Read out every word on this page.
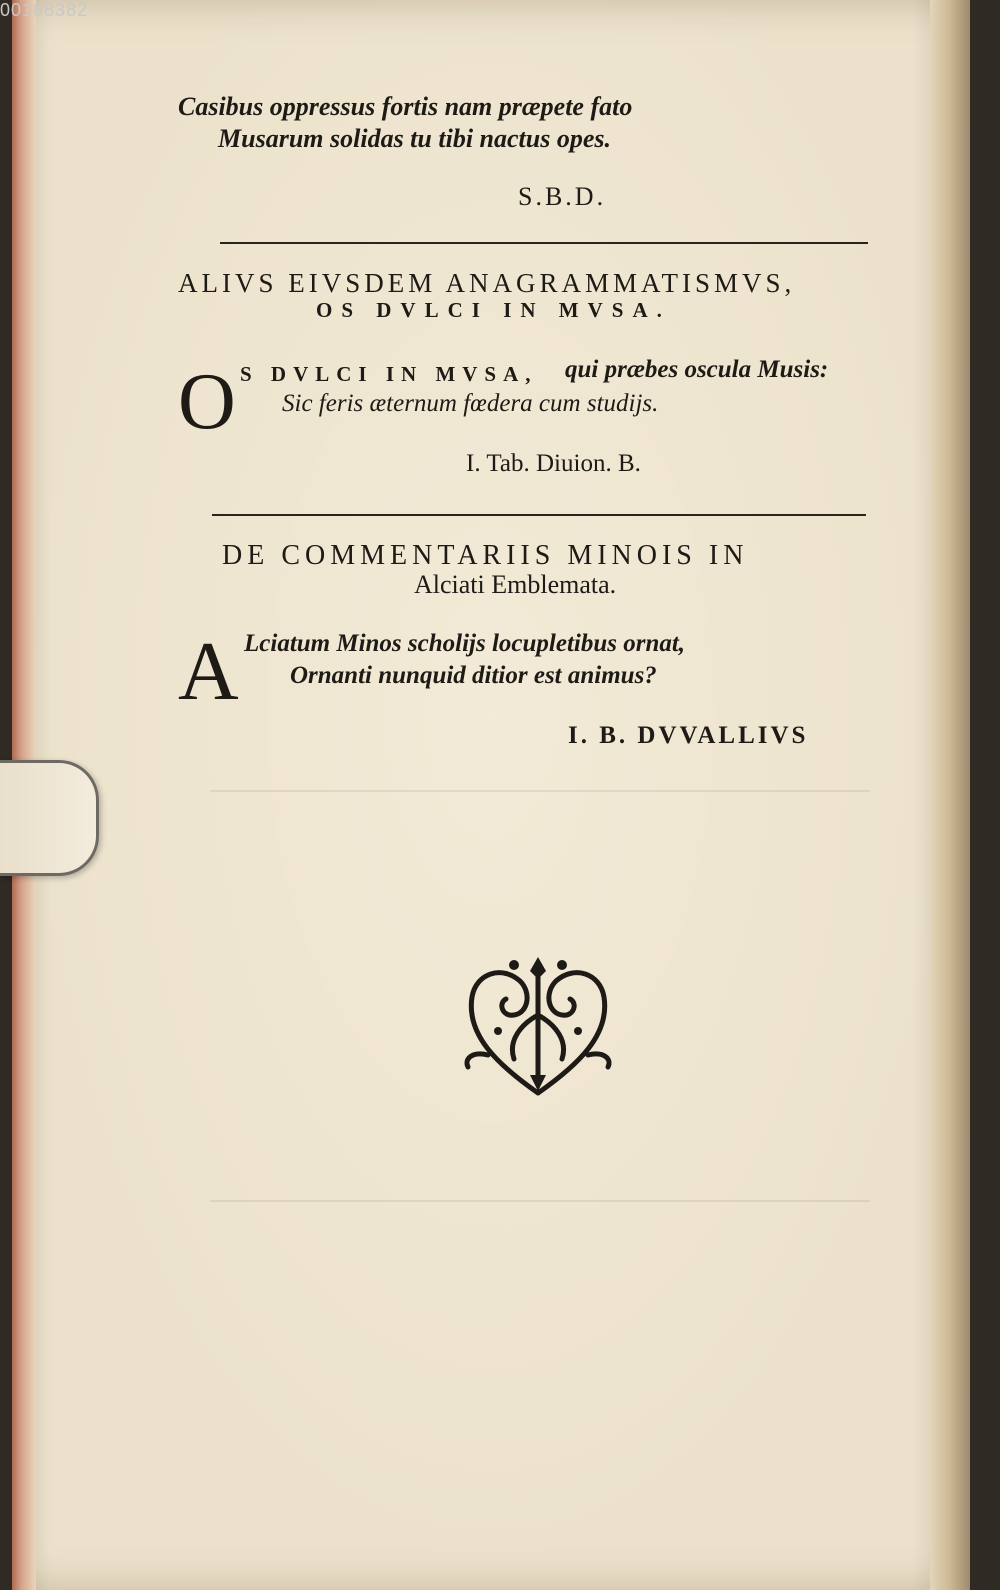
00108382
Casibus oppressus fortis nam præpete fato
Musarum solidas tu tibi nactus opes.
S.B.D.
ALIVS EIVSDEM ANAGRAMMATISMVS,
OS DVLCI IN MVSA.
O S DVLCI IN MVSA, qui præbes oscula Musis:
Sic feris æternum fœdera cum studijs.
I. Tab. Diuion. B.
DE COMMENTARIIS MINOIS IN
Alciati Emblemata.
A Lciatum Minos scholijs locupletibus ornat,
Ornanti nunquid ditior est animus?
I. B. DVVALLIVS
